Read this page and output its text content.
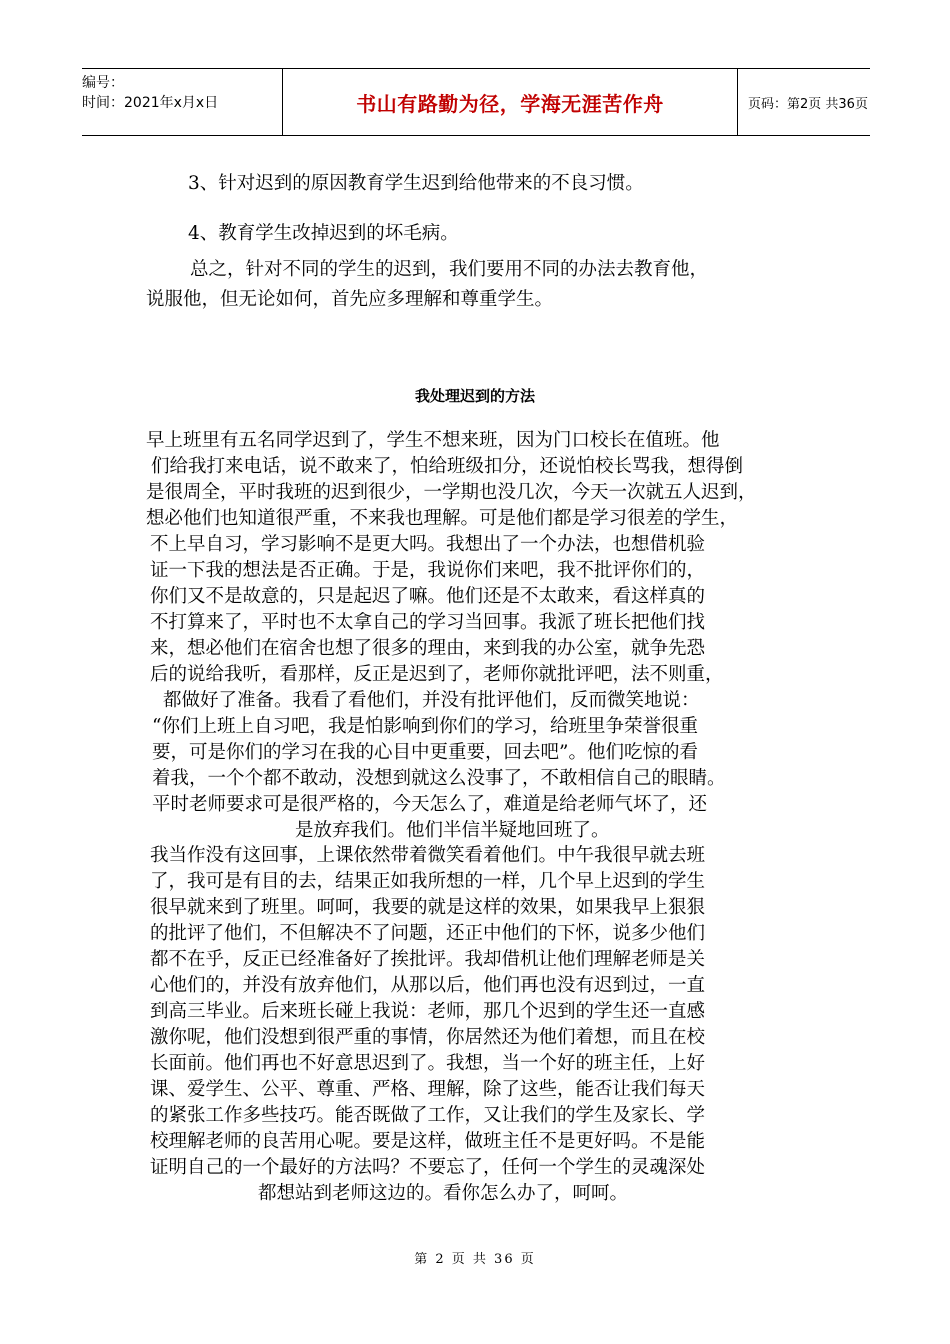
编号：
时间：2021年x月x日	书山有路勤为径，学海无涯苦作舟	页码：第2页 共36页
3、针对迟到的原因教育学生迟到给他带来的不良习惯。
4、教育学生改掉迟到的坏毛病。
总之，针对不同的学生的迟到，我们要用不同的办法去教育他，
说服他，但无论如何，首先应多理解和尊重学生。
我处理迟到的方法
早上班里有五名同学迟到了，学生不想来班，因为门口校长在值班。他
们给我打来电话，说不敢来了，怕给班级扣分，还说怕校长骂我，想得倒
是很周全，平时我班的迟到很少，一学期也没几次，今天一次就五人迟到，
想必他们也知道很严重，不来我也理解。可是他们都是学习很差的学生，
不上早自习，学习影响不是更大吗。我想出了一个办法，也想借机验
证一下我的想法是否正确。于是，我说你们来吧，我不批评你们的，
你们又不是故意的，只是起迟了嘛。他们还是不太敢来，看这样真的
不打算来了，平时也不太拿自己的学习当回事。我派了班长把他们找
来，想必他们在宿舍也想了很多的理由，来到我的办公室，就争先恐
后的说给我听，看那样，反正是迟到了，老师你就批评吧，法不则重，
都做好了准备。我看了看他们，并没有批评他们，反而微笑地说：
“你们上班上自习吧，我是怕影响到你们的学习，给班里争荣誉很重
要，可是你们的学习在我的心目中更重要，回去吧”。他们吃惊的看
着我，一个个都不敢动，没想到就这么没事了，不敢相信自己的眼睛。
平时老师要求可是很严格的，今天怎么了，难道是给老师气坏了，还
是放弃我们。他们半信半疑地回班了。
我当作没有这回事，上课依然带着微笑看着他们。中午我很早就去班
了，我可是有目的去，结果正如我所想的一样，几个早上迟到的学生
很早就来到了班里。呵呵，我要的就是这样的效果，如果我早上狠狠
的批评了他们，不但解决不了问题，还正中他们的下怀，说多少他们
都不在乎，反正已经准备好了挨批评。我却借机让他们理解老师是关
心他们的，并没有放弃他们，从那以后，他们再也没有迟到过，一直
到高三毕业。后来班长碰上我说：老师，那几个迟到的学生还一直感
激你呢，他们没想到很严重的事情，你居然还为他们着想，而且在校
长面前。他们再也不好意思迟到了。我想，当一个好的班主任，上好
课、爱学生、公平、尊重、严格、理解，除了这些，能否让我们每天
的紧张工作多些技巧。能否既做了工作，又让我们的学生及家长、学
校理解老师的良苦用心呢。要是这样，做班主任不是更好吗。不是能
证明自己的一个最好的方法吗？不要忘了，任何一个学生的灵魂深处
都想站到老师这边的。看你怎么办了，呵呵。
第 2 页 共 36 页
